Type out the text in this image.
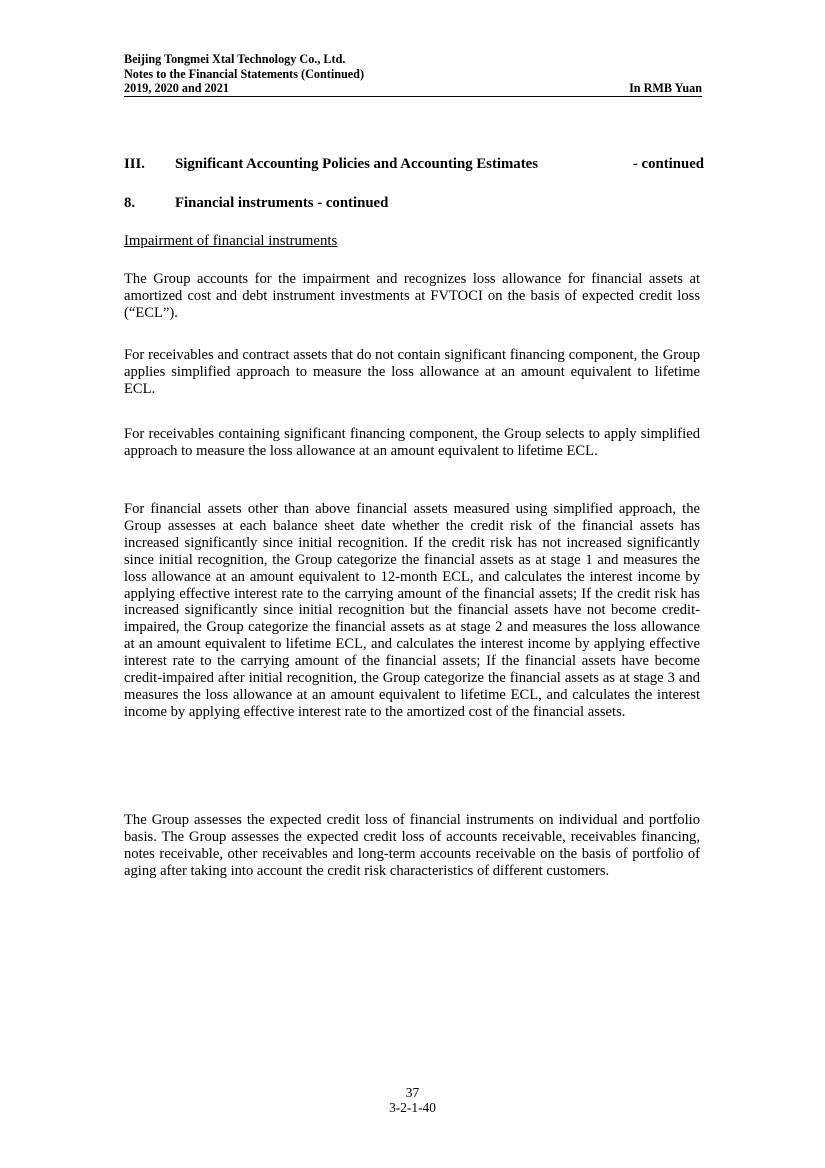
Beijing Tongmei Xtal Technology Co., Ltd.
Notes to the Financial Statements (Continued)
2019, 2020 and 2021	In RMB Yuan
III. Significant Accounting Policies and Accounting Estimates	- continued
8.	Financial instruments - continued
Impairment of financial instruments

The Group accounts for the impairment and recognizes loss allowance for financial assets at amortized cost and debt instrument investments at FVTOCI on the basis of expected credit loss (“ECL”).

For receivables and contract assets that do not contain significant financing component, the Group applies simplified approach to measure the loss allowance at an amount equivalent to lifetime ECL.

For receivables containing significant financing component, the Group selects to apply simplified approach to measure the loss allowance at an amount equivalent to lifetime ECL.

For financial assets other than above financial assets measured using simplified approach, the Group assesses at each balance sheet date whether the credit risk of the financial assets has increased significantly since initial recognition. If the credit risk has not increased significantly since initial recognition, the Group categorize the financial assets as at stage 1 and measures the loss allowance at an amount equivalent to 12-month ECL, and calculates the interest income by applying effective interest rate to the carrying amount of the financial assets; If the credit risk has increased significantly since initial recognition but the financial assets have not become credit-impaired, the Group categorize the financial assets as at stage 2 and measures the loss allowance at an amount equivalent to lifetime ECL, and calculates the interest income by applying effective interest rate to the carrying amount of the financial assets; If the financial assets have become credit-impaired after initial recognition, the Group categorize the financial assets as at stage 3 and measures the loss allowance at an amount equivalent to lifetime ECL, and calculates the interest income by applying effective interest rate to the amortized cost of the financial assets.

The Group assesses the expected credit loss of financial instruments on individual and portfolio basis. The Group assesses the expected credit loss of accounts receivable, receivables financing, notes receivable, other receivables and long-term accounts receivable on the basis of portfolio of aging after taking into account the credit risk characteristics of different customers.

37
3-2-1-40
